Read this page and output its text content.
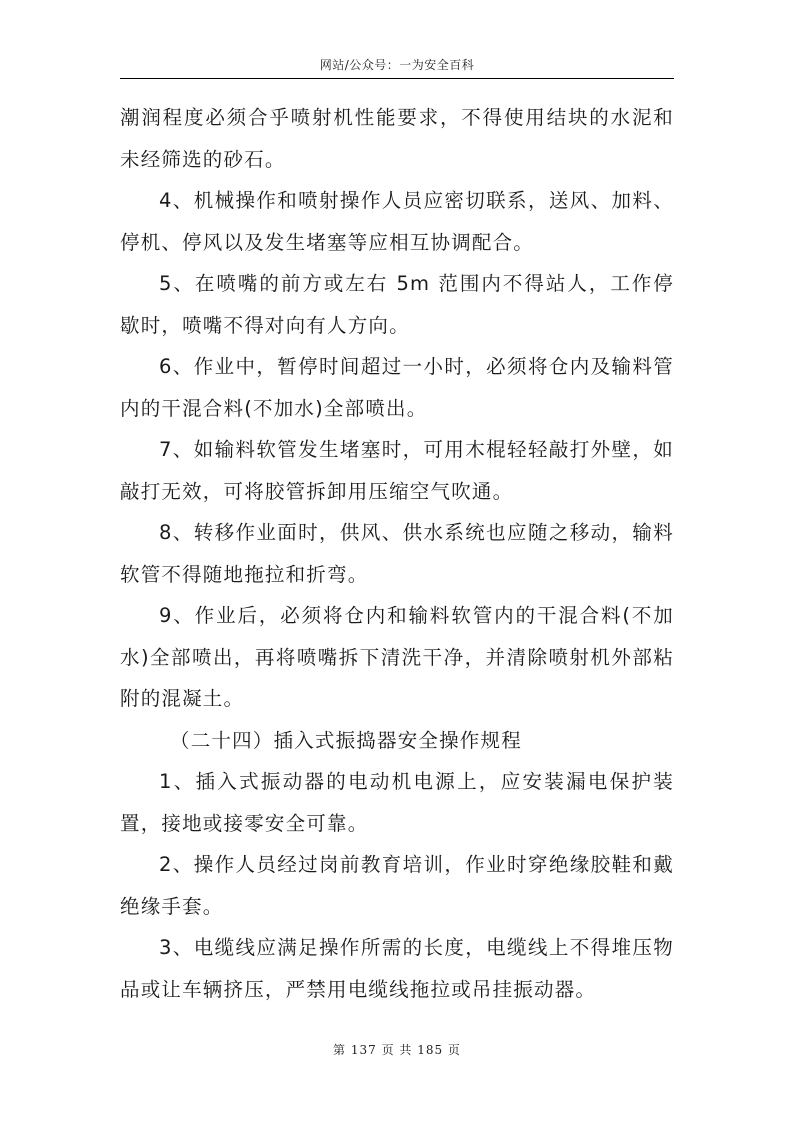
网站/公众号：一为安全百科

潮润程度必须合乎喷射机性能要求，不得使用结块的水泥和未经筛选的砂石。

4、机械操作和喷射操作人员应密切联系，送风、加料、停机、停风以及发生堵塞等应相互协调配合。

5、在喷嘴的前方或左右 5m 范围内不得站人，工作停歇时，喷嘴不得对向有人方向。

6、作业中，暂停时间超过一小时，必须将仓内及输料管内的干混合料(不加水)全部喷出。

7、如输料软管发生堵塞时，可用木棍轻轻敲打外壁，如敲打无效，可将胶管拆卸用压缩空气吹通。

8、转移作业面时，供风、供水系统也应随之移动，输料软管不得随地拖拉和折弯。

9、作业后，必须将仓内和输料软管内的干混合料(不加水)全部喷出，再将喷嘴拆下清洗干净，并清除喷射机外部粘附的混凝土。

（二十四）插入式振捣器安全操作规程

1、插入式振动器的电动机电源上，应安装漏电保护装置，接地或接零安全可靠。

2、操作人员经过岗前教育培训，作业时穿绝缘胶鞋和戴绝缘手套。

3、电缆线应满足操作所需的长度，电缆线上不得堆压物品或让车辆挤压，严禁用电缆线拖拉或吊挂振动器。

第 137 页 共 185 页
